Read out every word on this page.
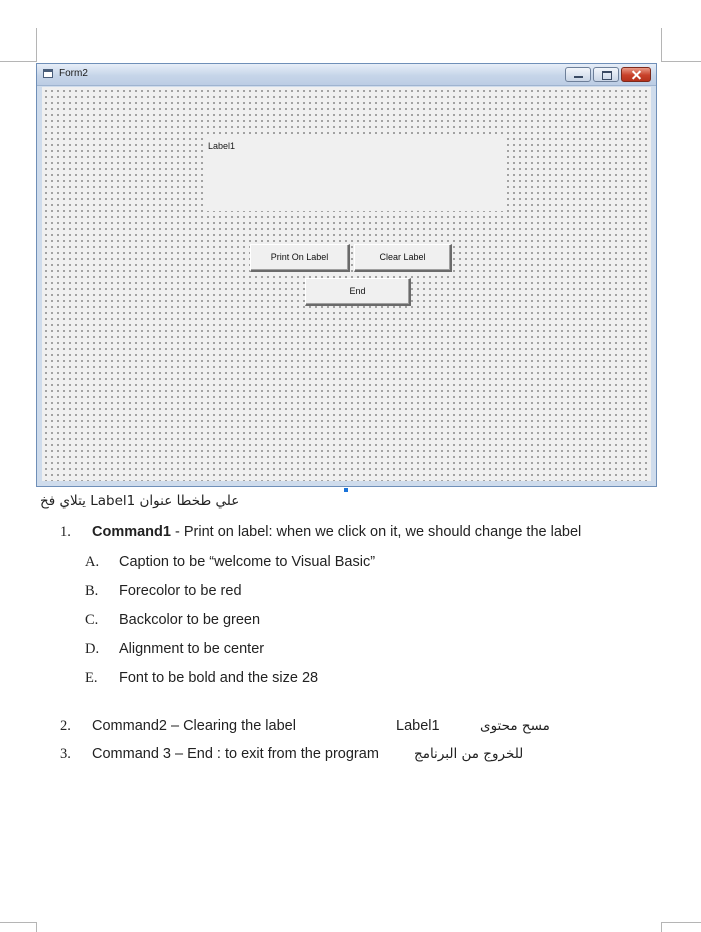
Form2
Label1
Print On Label	Clear Label
End
علي طخطا عنوان Label1 يتلاي فخ
1. Command1 - Print on label: when we click on it, we should change the label
A. Caption to be “welcome to Visual Basic”
B. Forecolor to be red
C. Backcolor to be green
D. Alignment to be center
E. Font to be bold and the size 28
2. Command2 – Clearing the label	Label1	مسح محتوى
3. Command 3 – End : to exit from the program	للخروج من البرنامج
